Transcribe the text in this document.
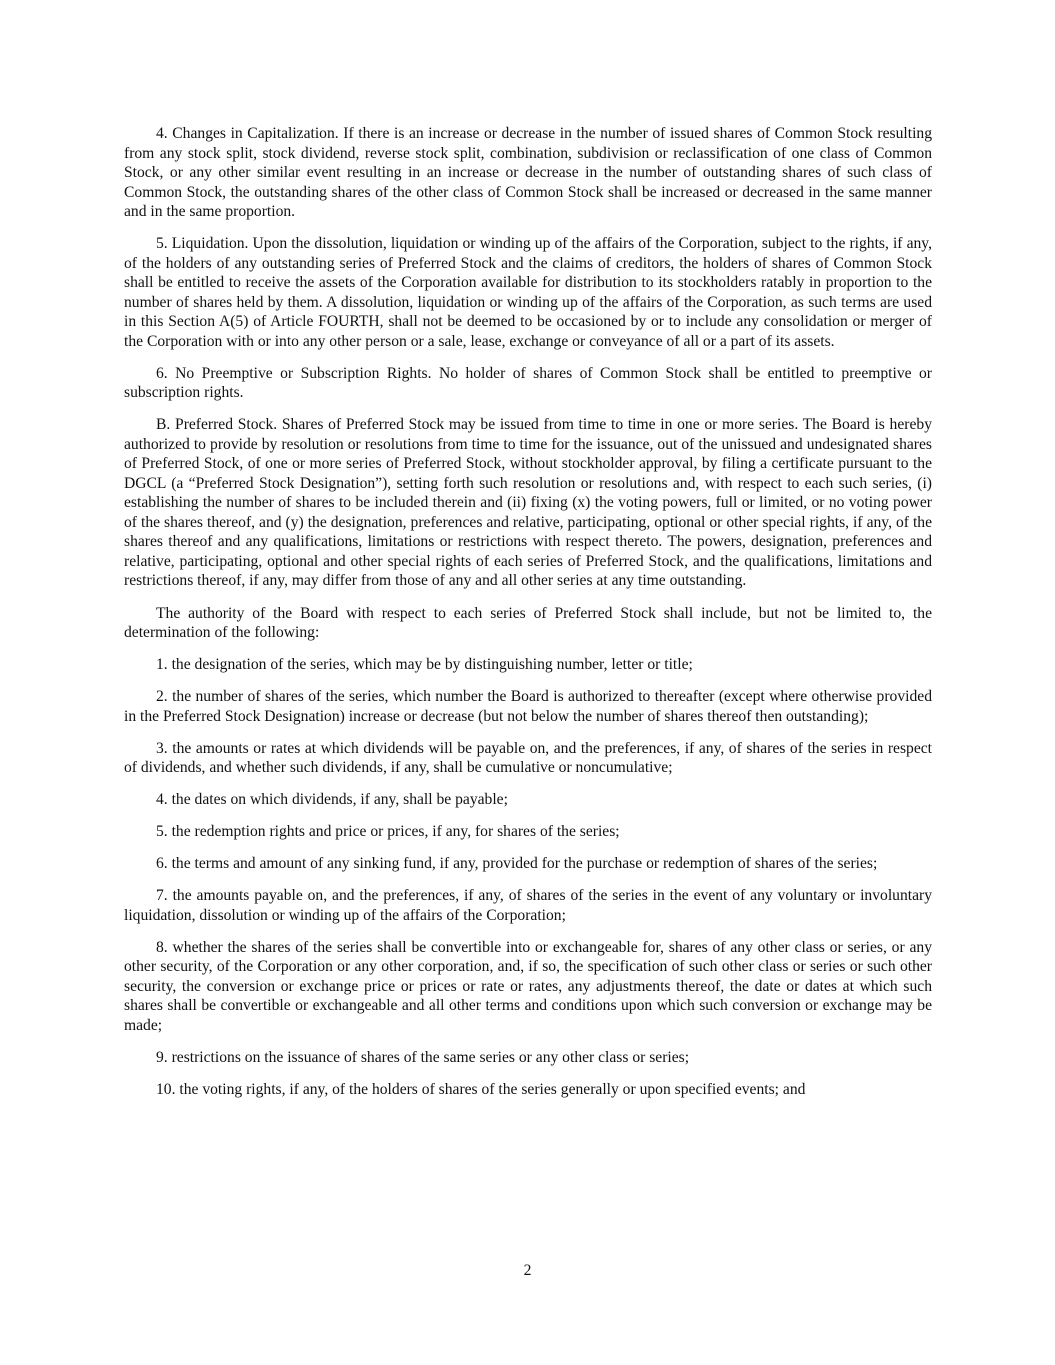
4. Changes in Capitalization. If there is an increase or decrease in the number of issued shares of Common Stock resulting from any stock split, stock dividend, reverse stock split, combination, subdivision or reclassification of one class of Common Stock, or any other similar event resulting in an increase or decrease in the number of outstanding shares of such class of Common Stock, the outstanding shares of the other class of Common Stock shall be increased or decreased in the same manner and in the same proportion.

5. Liquidation. Upon the dissolution, liquidation or winding up of the affairs of the Corporation, subject to the rights, if any, of the holders of any outstanding series of Preferred Stock and the claims of creditors, the holders of shares of Common Stock shall be entitled to receive the assets of the Corporation available for distribution to its stockholders ratably in proportion to the number of shares held by them. A dissolution, liquidation or winding up of the affairs of the Corporation, as such terms are used in this Section A(5) of Article FOURTH, shall not be deemed to be occasioned by or to include any consolidation or merger of the Corporation with or into any other person or a sale, lease, exchange or conveyance of all or a part of its assets.

6. No Preemptive or Subscription Rights. No holder of shares of Common Stock shall be entitled to preemptive or subscription rights.

B. Preferred Stock. Shares of Preferred Stock may be issued from time to time in one or more series. The Board is hereby authorized to provide by resolution or resolutions from time to time for the issuance, out of the unissued and undesignated shares of Preferred Stock, of one or more series of Preferred Stock, without stockholder approval, by filing a certificate pursuant to the DGCL (a “Preferred Stock Designation”), setting forth such resolution or resolutions and, with respect to each such series, (i) establishing the number of shares to be included therein and (ii) fixing (x) the voting powers, full or limited, or no voting power of the shares thereof, and (y) the designation, preferences and relative, participating, optional or other special rights, if any, of the shares thereof and any qualifications, limitations or restrictions with respect thereto. The powers, designation, preferences and relative, participating, optional and other special rights of each series of Preferred Stock, and the qualifications, limitations and restrictions thereof, if any, may differ from those of any and all other series at any time outstanding.

The authority of the Board with respect to each series of Preferred Stock shall include, but not be limited to, the determination of the following:

1. the designation of the series, which may be by distinguishing number, letter or title;

2. the number of shares of the series, which number the Board is authorized to thereafter (except where otherwise provided in the Preferred Stock Designation) increase or decrease (but not below the number of shares thereof then outstanding);

3. the amounts or rates at which dividends will be payable on, and the preferences, if any, of shares of the series in respect of dividends, and whether such dividends, if any, shall be cumulative or noncumulative;

4. the dates on which dividends, if any, shall be payable;

5. the redemption rights and price or prices, if any, for shares of the series;

6. the terms and amount of any sinking fund, if any, provided for the purchase or redemption of shares of the series;

7. the amounts payable on, and the preferences, if any, of shares of the series in the event of any voluntary or involuntary liquidation, dissolution or winding up of the affairs of the Corporation;

8. whether the shares of the series shall be convertible into or exchangeable for, shares of any other class or series, or any other security, of the Corporation or any other corporation, and, if so, the specification of such other class or series or such other security, the conversion or exchange price or prices or rate or rates, any adjustments thereof, the date or dates at which such shares shall be convertible or exchangeable and all other terms and conditions upon which such conversion or exchange may be made;

9. restrictions on the issuance of shares of the same series or any other class or series;

10. the voting rights, if any, of the holders of shares of the series generally or upon specified events; and

2
